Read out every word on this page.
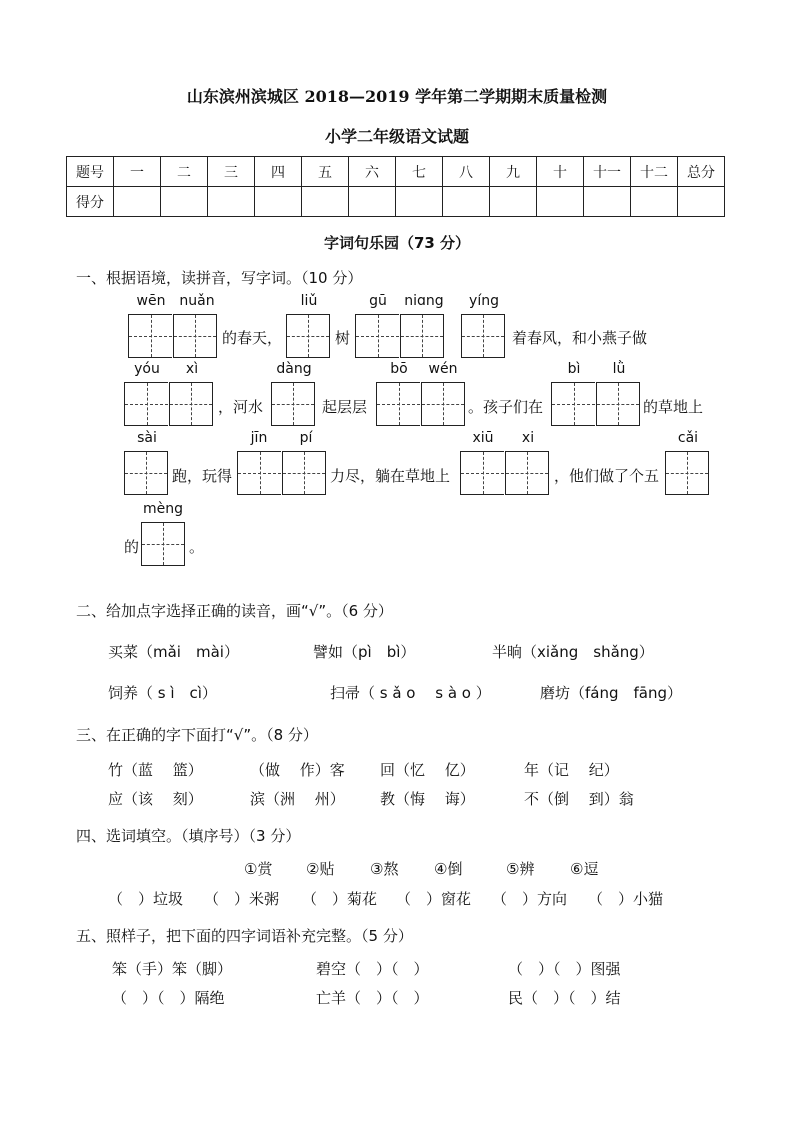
山东滨州滨城区 2018—2019 学年第二学期期末质量检测
小学二年级语文试题
题号	一	二	三	四	五	六	七	八	九	十	十一	十二	总分
得分													
字词句乐园（73 分）
一、根据语境，读拼音，写字词。（10 分）
wēn nuǎn
的春天，
liǔ
树
gū	niɑng	yíng
着春风，和小燕子做
yóu	xì
，河水
dàng
起层层
bō	wén
。孩子们在
bì	lǜ
的草地上
sài
跑，玩得
jīn	pí
力尽，躺在草地上
xiū	xi
，他们做了个五
cǎi
的
mèng
。
二、给加点字选择正确的读音，画“√”。（6 分）
买菜（mǎi　mài）	譬如（pì　bì）	半晌（xiǎng　shǎng）
饲养（ s ì　cì）	扫帚（ s ǎ o　 s à o ）	磨坊（fáng　fāng）
三、在正确的字下面打“√”。（8 分）
竹（蓝　 篮）	（做　 作）客 回（忆　 亿）	年（记　 纪）
应（该　 刻）	滨（洲　 州） 教（悔　 诲）	不（倒　 到）翁
四、选词填空。（填序号）（3 分）
①赏 ②贴 ③熬 ④倒	⑤辨 ⑥逗
（　）垃圾 （　）米粥 （　）菊花 （　）窗花 （　）方向 （　）小猫
五、照样子，把下面的四字词语补充完整。（5 分）
笨（手）笨（脚）	碧空（　）（　）	（　）（　）图强
（　）（　）隔绝	亡羊（　）（　）	民（　）（　）结
